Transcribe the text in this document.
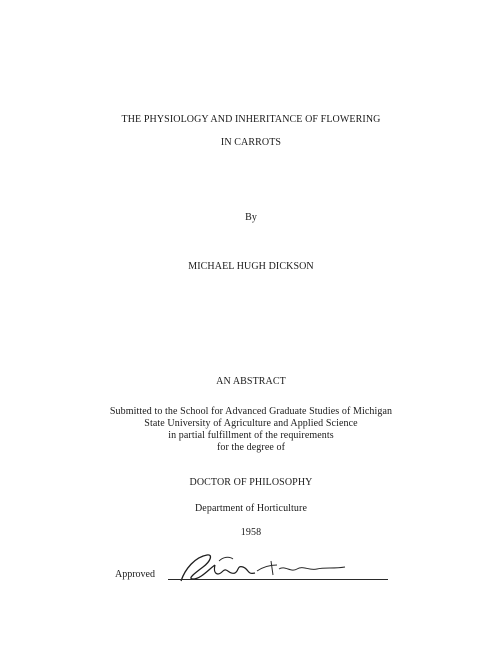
THE PHYSIOLOGY AND INHERITANCE OF FLOWERING
IN CARROTS
By
MICHAEL HUGH DICKSON
AN ABSTRACT
Submitted to the School for Advanced Graduate Studies of Michigan
State University of Agriculture and Applied Science
in partial fulfillment of the requirements
for the degree of
DOCTOR OF PHILOSOPHY
Department of Horticulture
1958
Approved
